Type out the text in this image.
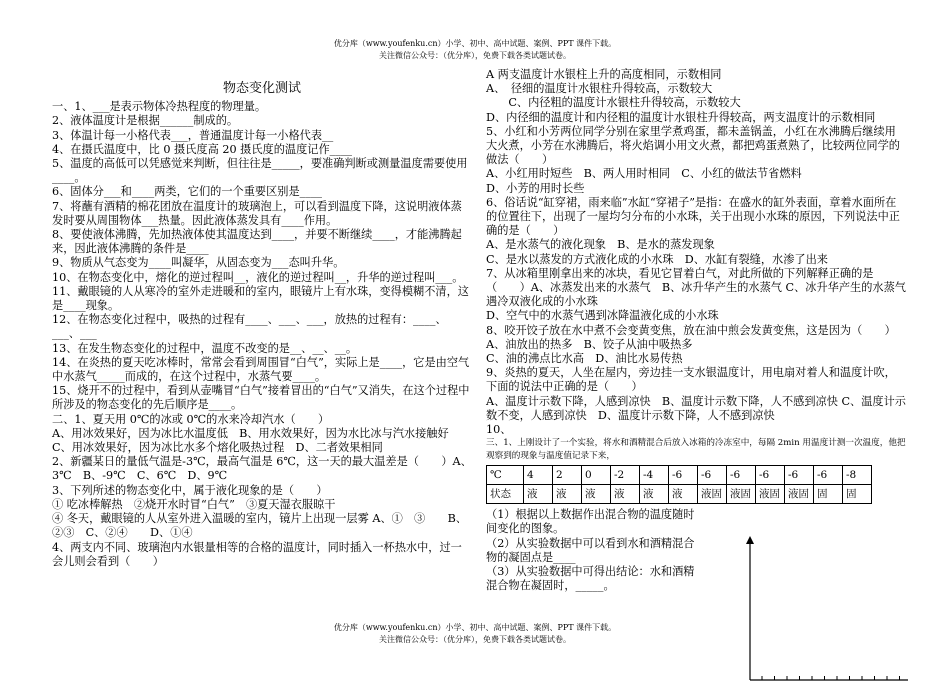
优分库（www.youfenku.cn）小学、初中、高中试题、案例、PPT 课件下载。
关注微信公众号：（优分库），免费下载各类试题试卷。

物态变化测试

一、1、___是表示物体冷热程度的物理量。

2、液体温度计是根据______制成的。

3、体温计每一小格代表___，普通温度计每一小格代表__

4、在摄氏温度中，比 0 摄氏度高 20 摄氏度的温度记作____

5、温度的高低可以凭感觉来判断，但往往是_____，要准确判断或测量温度需要使用____。

6、固体分___和____两类，它们的一个重要区别是____

7、将蘸有酒精的棉花团放在温度计的玻璃泡上，可以看到温度下降，这说明液体蒸发时要从周围物体___热量。因此液体蒸发具有____作用。

8、要使液体沸腾，先加热液体使其温度达到____，并要不断继续____，才能沸腾起来，因此液体沸腾的条件是____

9、物质从气态变为____叫凝华，从固态变为___态叫升华。

10、在物态变化中，熔化的逆过程叫__，液化的逆过程叫__，升华的逆过程叫___。

11、戴眼镜的人从寒冷的室外走进暖和的室内，眼镜片上有水珠，变得模糊不清，这是____现象。

12、在物态变化过程中，吸热的过程有____、___、___，放热的过程有：____、___、___

13、在发生物态变化的过程中，温度不改变的是__、__、__。

14、在炎热的夏天吃冰棒时，常常会看到周围冒“白气”，实际上是____，它是由空气中水蒸气_____而成的，在这个过程中，水蒸气要____。

15、烧开不的过程中，看到从壶嘴冒“白气”接着冒出的“白气”又消失，在这个过程中所涉及的物态变化的先后顺序是____。

二、1、夏天用 0℃的冰或 0℃的水来冷却汽水（　　）

A、用冰效果好，因为冰比水温度低　B、用水效果好，因为水比冰与汽水接触好　C、用冰效果好，因为冰比水多个熔化吸热过程　D、二者效果相同

2、新疆某日的量低气温是-3℃，最高气温是 6℃，这一天的最大温差是（　　）A、3℃　B、-9℃　C、6℃　D、9℃

3、下列所述的物态变化中，属于液化现象的是（　　）

① 吃冰棒解热　②烧开水时冒“白气”　③夏天湿衣服晾干

④ 冬天，戴眼镜的人从室外进入温暖的室内，镜片上出现一层雾 A、①　③　　B、②③　C、②④　　D、①④

4、两支内不同、玻璃泡内水银量相等的合格的温度计，同时插入一杯热水中，过一会儿则会看到（　　）

A 两支温度计水银柱上升的高度相同，示数相同

A、　径细的温度计水银柱升得较高，示数较大

　　C、内径粗的温度计水银柱升得较高，示数较大

D、内径细的温度计和内径粗的温度计水银柱升得较高，两支温度计的示数相同

5、小红和小芳两位同学分别在家里学煮鸡蛋，都未盖锅盖，小红在水沸腾后继续用大火煮，小芳在水沸腾后，将火焰调小用文火煮，都把鸡蛋煮熟了，比较两位同学的做法（　　）

A、小红用时短些　B、两人用时相同　C、小红的做法节省燃料

D、小芳的用时长些

6、俗话说“缸穿裙，雨来临”水缸“穿裙子”是指：在盛水的缸外表面，章着水面所在的位置往下，出现了一屋均匀分布的小水珠，关于出现小水珠的原因，下列说法中正确的是（　　）

A、是水蒸气的液化现象　B、是水的蒸发现象

C、是水以蒸发的方式液化成的小水珠　D、水缸有裂缝，水渗了出来

7、从冰箱里刚拿出来的冰块，看见它冒着白气，对此所做的下列解释正确的是（　　）A、冰蒸发出来的水蒸气　B、冰升华产生的水蒸气 C、冰升华产生的水蒸气遇冷双液化成的小水珠

D、空气中的水蒸气遇到冰降温液化成的小水珠

8、咬开饺子放在水中煮不会变黄变焦，放在油中煎会发黄变焦，这是因为（　　）A、油放出的热多　B、饺子从油中吸热多

C、油的沸点比水高　D、油比水易传热

9、炎热的夏天，人坐在屋内，旁边挂一支水银温度计，用电扇对着人和温度计吹，下面的说法中正确的是（　　）

A、温度计示数下降，人感到凉快　B、温度计示数下降，人不感到凉快 C、温度计示数不变，人感到凉快　D、温度计示数下降，人不感到凉快

10、

三、1、上刚设计了一个实验，将水和酒精混合后放入冰箱的冷冻室中，每隔 2min 用温度计测一次温度，他把观察到的现象与温度值记录下来，

℃	4	2	0	-2	-4	-6	-6	-6	-6	-6	-6	-8
状态	液	液	液	液	液	液	液固	液固	液固	液固	固	固

（1）根据以上数据作出混合物的温度随时间变化的图象。

（2）从实验数据中可以看到水和酒精混合物的凝固点是____

（3）从实验数据中可得出结论：水和酒精混合物在凝固时，_____。

优分库（www.youfenku.cn）小学、初中、高中试题、案例、PPT 课件下载。
关注微信公众号：（优分库），免费下载各类试题试卷。
